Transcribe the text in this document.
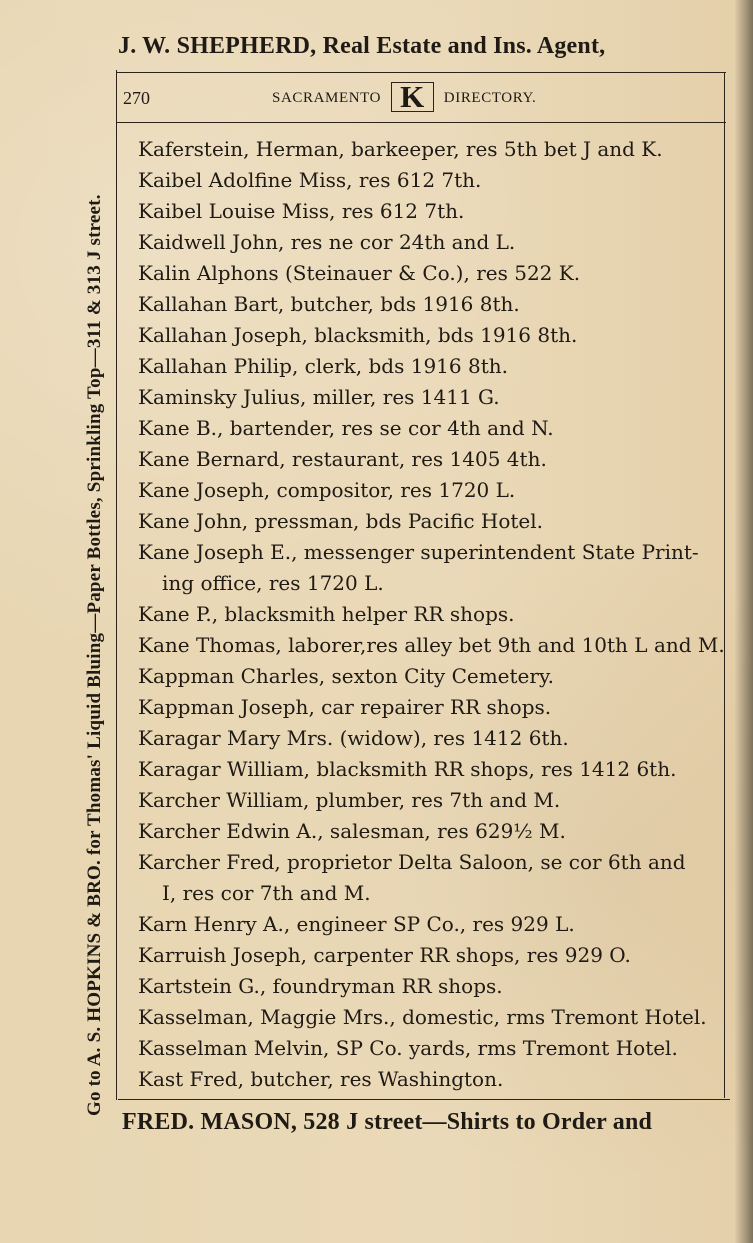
J. W. SHEPHERD, Real Estate and Ins. Agent,
270	SACRAMENTO K	DIRECTORY.
Kaferstein, Herman, barkeeper, res 5th bet J and K.
Kaibel Adolfine Miss, res 612 7th.
Kaibel Louise Miss, res 612 7th.
Kaidwell John, res ne cor 24th and L.
Kalin Alphons (Steinauer & Co.), res 522 K.
Kallahan Bart, butcher, bds 1916 8th.
Kallahan Joseph, blacksmith, bds 1916 8th.
Kallahan Philip, clerk, bds 1916 8th.
Kaminsky Julius, miller, res 1411 G.
Kane B., bartender, res se cor 4th and N.
Kane Bernard, restaurant, res 1405 4th.
Kane Joseph, compositor, res 1720 L.
Kane John, pressman, bds Pacific Hotel.
Kane Joseph E., messenger superintendent State Print-
ing office, res 1720 L.
Kane P., blacksmith helper RR shops.
Kane Thomas, laborer,res alley bet 9th and 10th L and M.
Kappman Charles, sexton City Cemetery.
Kappman Joseph, car repairer RR shops.
Karagar Mary Mrs. (widow), res 1412 6th.
Karagar William, blacksmith RR shops, res 1412 6th.
Karcher William, plumber, res 7th and M.
Karcher Edwin A., salesman, res 629½ M.
Karcher Fred, proprietor Delta Saloon, se cor 6th and
I, res cor 7th and M.
Karn Henry A., engineer SP Co., res 929 L.
Karruish Joseph, carpenter RR shops, res 929 O.
Kartstein G., foundryman RR shops.
Kasselman, Maggie Mrs., domestic, rms Tremont Hotel.
Kasselman Melvin, SP Co. yards, rms Tremont Hotel.
Kast Fred, butcher, res Washington.
Go to A. S. HOPKINS & BRO. for Thomas' Liquid Bluing—Paper Bottles, Sprinkling Top—311 & 313 J street.
FRED. MASON, 528 J street—Shirts to Order and
